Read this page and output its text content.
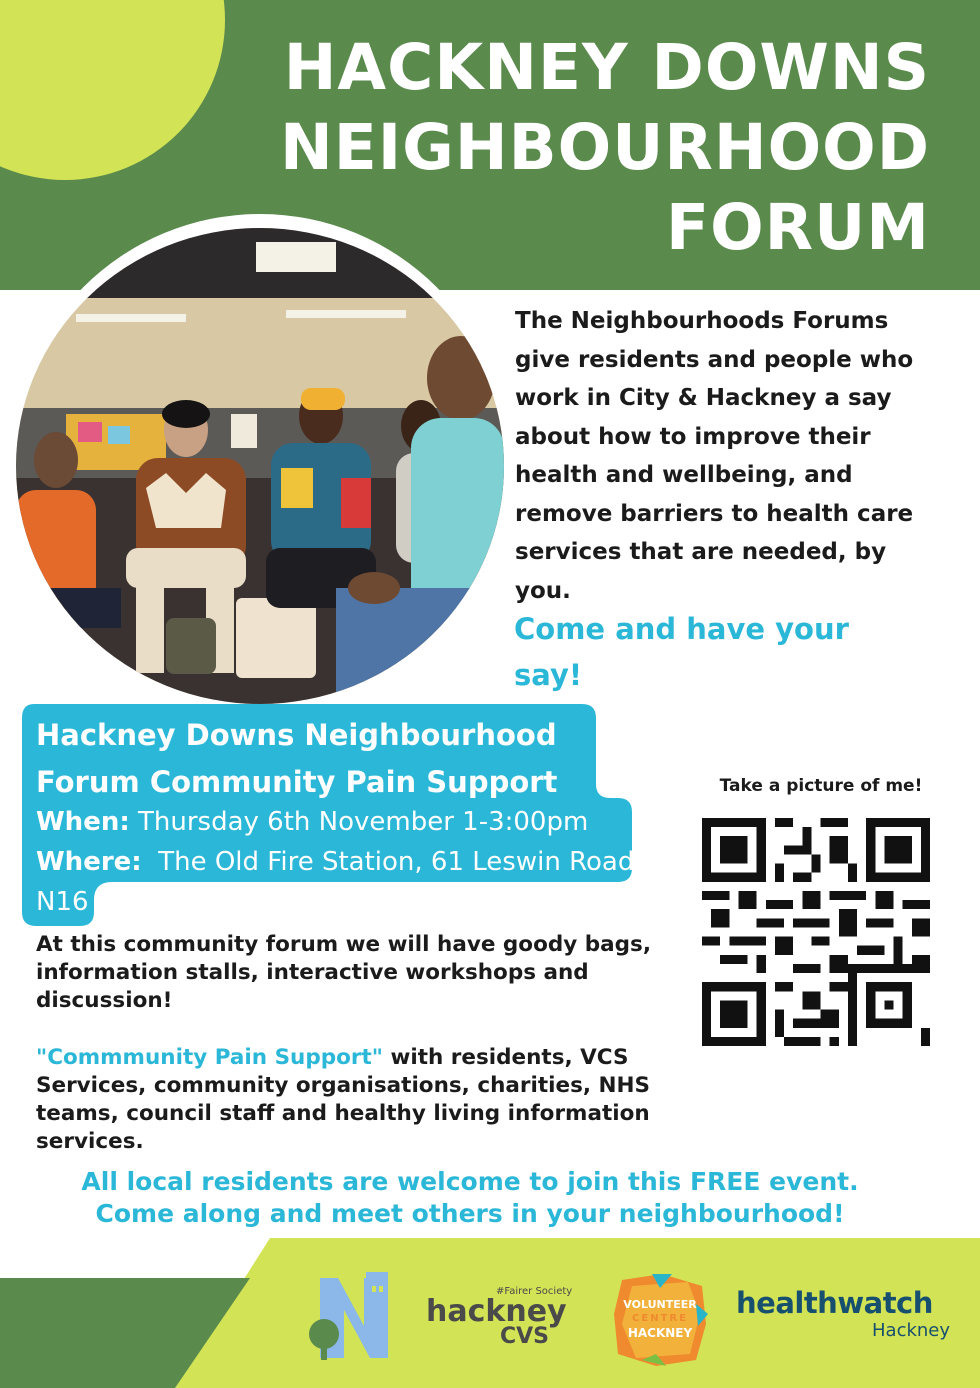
HACKNEY DOWNS
NEIGHBOURHOOD
FORUM
The Neighbourhoods Forums give residents and people who work in City & Hackney a say about how to improve their health and wellbeing, and remove barriers to health care services that are needed, by you.
Come and have your say!
Hackney Downs Neighbourhood Forum Community Pain Support
When: Thursday 6th November 1-3:00pm
Where: The Old Fire Station, 61 Leswin Road
N16
Take a picture of me!
At this community forum we will have goody bags, information stalls, interactive workshops and discussion!
"Commmunity Pain Support" with residents, VCS Services, community organisations, charities, NHS teams, council staff and healthy living information services.
All local residents are welcome to join this FREE event.
Come along and meet others in your neighbourhood!
#Fairer Society
hackney
CVS
VOLUNTEER
CENTRE
HACKNEY
healthwatch
Hackney
